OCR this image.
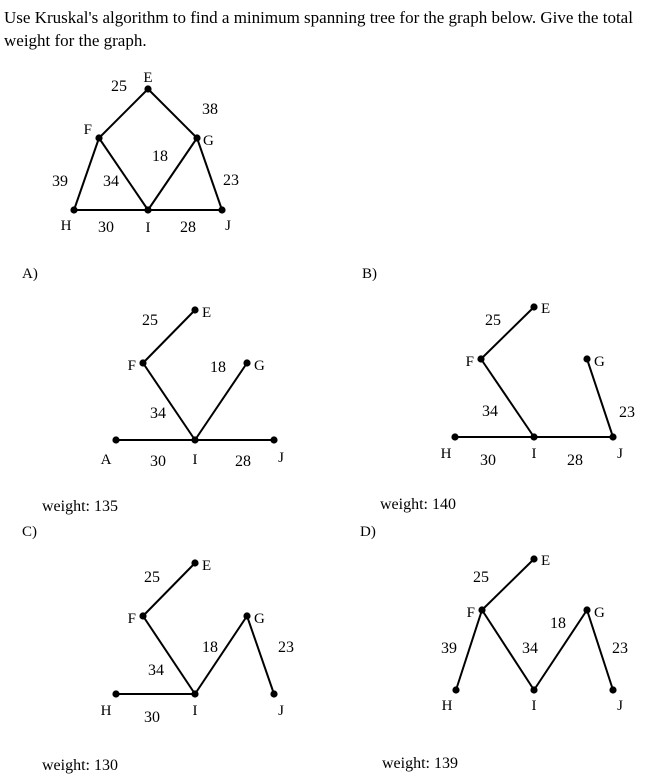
Use Kruskal's algorithm to find a minimum spanning tree for the graph below. Give the total weight for the graph.

25
38
18
39 34	23
30	28
E
F
G
H	I	J
25
18
34
30	28
E
F	G
A	I	J
25
34	23
30	28
E
F	G
H	I	J
25
18
34
23
30
E
F	G
H	I	J
25
18
34
39	23
E
F	G
H	I	J

A)	B)

C)	D)

weight: 135	weight: 140

weight: 130	weight: 139
